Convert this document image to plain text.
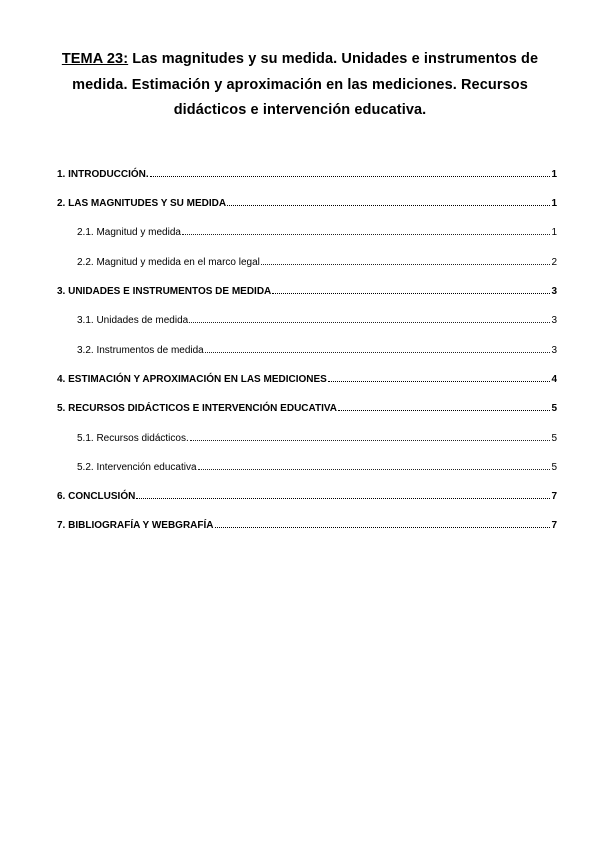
TEMA 23: Las magnitudes y su medida. Unidades e instrumentos de medida. Estimación y aproximación en las mediciones. Recursos didácticos e intervención educativa.
1. INTRODUCCIÓN.	1
2. LAS MAGNITUDES Y SU MEDIDA	1
2.1. Magnitud y medida	1
2.2. Magnitud y medida en el marco legal	2
3. UNIDADES E INSTRUMENTOS DE MEDIDA	3
3.1. Unidades de medida	3
3.2. Instrumentos de medida	3
4. ESTIMACIÓN Y APROXIMACIÓN EN LAS MEDICIONES	4
5. RECURSOS DIDÁCTICOS E INTERVENCIÓN EDUCATIVA	5
5.1. Recursos didácticos.	5
5.2. Intervención educativa	5
6. CONCLUSIÓN	7
7. BIBLIOGRAFÍA Y WEBGRAFÍA	7
